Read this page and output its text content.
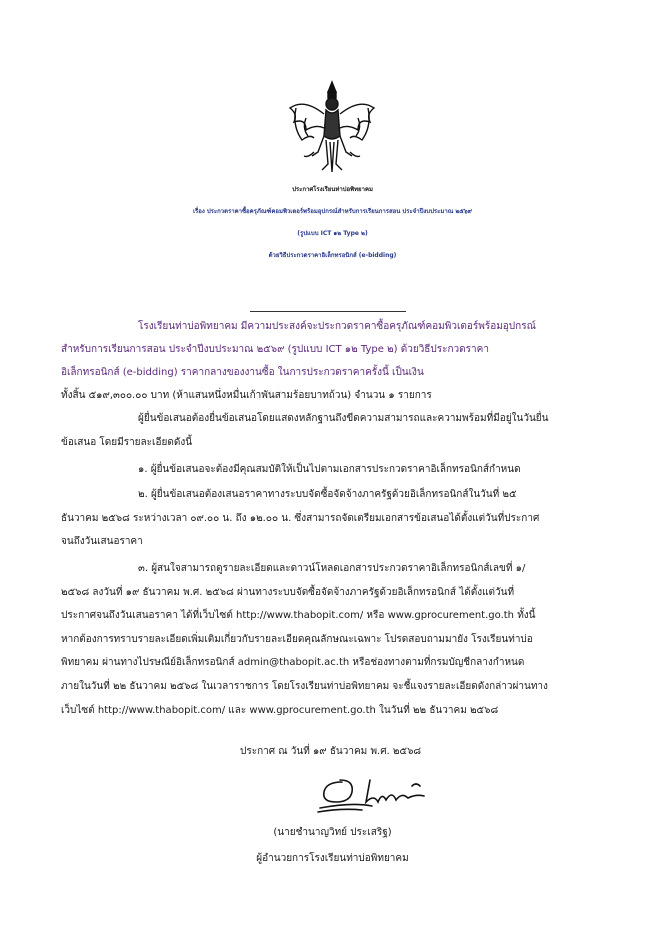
ประกาศโรงเรียนท่าบ่อพิทยาคม
เรื่อง ประกวดราคาซื้อครุภัณฑ์คอมพิวเตอร์พร้อมอุปกรณ์สำหรับการเรียนการสอน ประจำปีงบประมาณ ๒๕๖๙
(รูปแบบ ICT ๑๒ Type ๒)
ด้วยวิธีประกวดราคาอิเล็กทรอนิกส์ (e-bidding)
โรงเรียนท่าบ่อพิทยาคม มีความประสงค์จะประกวดราคาซื้อครุภัณฑ์คอมพิวเตอร์พร้อมอุปกรณ์
สำหรับการเรียนการสอน ประจำปีงบประมาณ ๒๕๖๙ (รูปแบบ ICT ๑๒ Type ๒) ด้วยวิธีประกวดราคา
อิเล็กทรอนิกส์ (e-bidding) ราคากลางของงานซื้อ ในการประกวดราคาครั้งนี้ เป็นเงิน
ทั้งสิ้น ๕๑๙,๓๐๐.๐๐ บาท (ห้าแสนหนึ่งหมื่นเก้าพันสามร้อยบาทถ้วน) จำนวน ๑ รายการ
ผู้ยื่นข้อเสนอต้องยื่นข้อเสนอโดยแสดงหลักฐานถึงขีดความสามารถและความพร้อมที่มีอยู่ในวันยื่น
ข้อเสนอ โดยมีรายละเอียดดังนี้
๑. ผู้ยื่นข้อเสนอจะต้องมีคุณสมบัติให้เป็นไปตามเอกสารประกวดราคาอิเล็กทรอนิกส์กำหนด
๒. ผู้ยื่นข้อเสนอต้องเสนอราคาทางระบบจัดซื้อจัดจ้างภาครัฐด้วยอิเล็กทรอนิกส์ในวันที่ ๒๕
ธันวาคม ๒๕๖๘ ระหว่างเวลา ๐๙.๐๐ น. ถึง ๑๒.๐๐ น. ซึ่งสามารถจัดเตรียมเอกสารข้อเสนอได้ตั้งแต่วันที่ประกาศ
จนถึงวันเสนอราคา
๓. ผู้สนใจสามารถดูรายละเอียดและดาวน์โหลดเอกสารประกวดราคาอิเล็กทรอนิกส์เลขที่ ๑/
๒๕๖๘ ลงวันที่ ๑๙ ธันวาคม พ.ศ. ๒๕๖๘ ผ่านทางระบบจัดซื้อจัดจ้างภาครัฐด้วยอิเล็กทรอนิกส์ ได้ตั้งแต่วันที่
ประกาศจนถึงวันเสนอราคา ได้ที่เว็บไซต์ http://www.thabopit.com/ หรือ www.gprocurement.go.th ทั้งนี้
หากต้องการทราบรายละเอียดเพิ่มเติมเกี่ยวกับรายละเอียดคุณลักษณะเฉพาะ โปรดสอบถามมายัง โรงเรียนท่าบ่อ
พิทยาคม ผ่านทางไปรษณีย์อิเล็กทรอนิกส์ admin@thabopit.ac.th หรือช่องทางตามที่กรมบัญชีกลางกำหนด
ภายในวันที่ ๒๒ ธันวาคม ๒๕๖๘ ในเวลาราชการ โดยโรงเรียนท่าบ่อพิทยาคม จะชี้แจงรายละเอียดดังกล่าวผ่านทาง
เว็บไซต์ http://www.thabopit.com/ และ www.gprocurement.go.th ในวันที่ ๒๒ ธันวาคม ๒๕๖๘
ประกาศ ณ วันที่ ๑๙ ธันวาคม พ.ศ. ๒๕๖๘
(นายชำนาญวิทย์ ประเสริฐ)
ผู้อำนวยการโรงเรียนท่าบ่อพิทยาคม
